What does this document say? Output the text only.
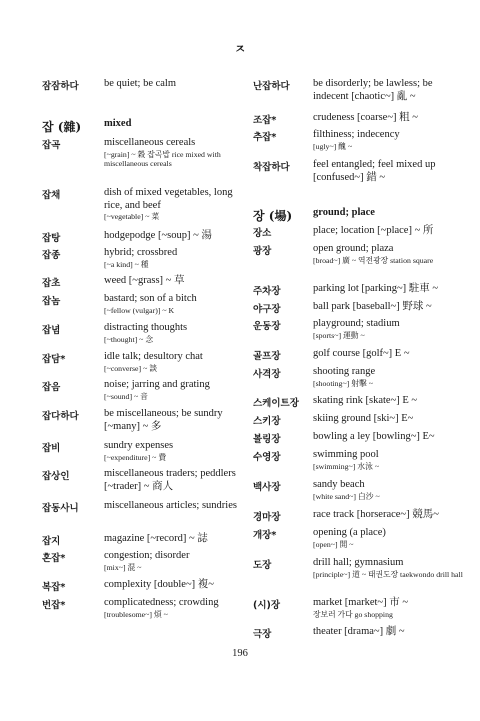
ㅈ
잠잠하다 be quiet; be calm
잡 (雜) mixed
잡곡	miscellaneous cereals
[~grain] ~ 穀 잡곡밥 rice mixed with miscellaneous cereals
잡채	dish of mixed vegetables, long rice, and beef
[~vegetable] ~ 菜
잡탕	hodgepodge [~soup] ~ 湯
잡종	hybrid; crossbred
[~a kind] ~ 種
잡초	weed [~grass] ~ 草
잡놈	bastard; son of a bitch
[~fellow (vulgar)] ~ K
잡념	distracting thoughts
[~thought] ~ 念
잡담*	idle talk; desultory chat
[~converse] ~ 談
잡음	noise; jarring and grating
[~sound] ~ 音
잡다하다 be miscellaneous; be sundry [~many] ~ 多
잡비	sundry expenses
[~expenditure] ~ 費
잡상인	miscellaneous traders; peddlers [~trader] ~ 商人
잡동사니 miscellaneous articles; sundries
잡지	magazine [~record] ~ 誌
혼잡*	congestion; disorder
[mix~] 混 ~
복잡*	complexity [double~] 複~
번잡*	complicatedness; crowding
[troublesome~] 煩 ~
난잡하다 be disorderly; be lawless; be indecent [chaotic~] 亂 ~
조잡*	crudeness [coarse~] 粗 ~
추잡*	filthiness; indecency
[ugly~] 醜 ~
착잡하다 feel entangled; feel mixed up [confused~] 錯 ~
장 (場) ground; place
장소	place; location [~place] ~ 所
광장	open ground; plaza
[broad~] 廣 ~ 역전광장 station square
주차장	parking lot [parking~] 駐車 ~
야구장	ball park [baseball~] 野球 ~
운동장	playground; stadium
[sports~] 運動 ~
골프장	golf course [golf~] E ~
사격장	shooting range
[shooting~] 射擊 ~
스케이트장 skating rink [skate~] E ~
스키장	skiing ground [ski~] E~
볼링장	bowling a ley [bowling~] E~
수영장	swimming pool
[swimming~] 水泳 ~
백사장	sandy beach
[white sand~] 白沙 ~
경마장	race track [horserace~] 競馬~
개장*	opening (a place)
[open~] 開 ~
도장	drill hall; gymnasium
[principle~] 道 ~ 태권도장 taekwondo drill hall
(시)장	market [market~] 市 ~
장보러 가다 go shopping
극장	theater [drama~] 劇 ~
196
